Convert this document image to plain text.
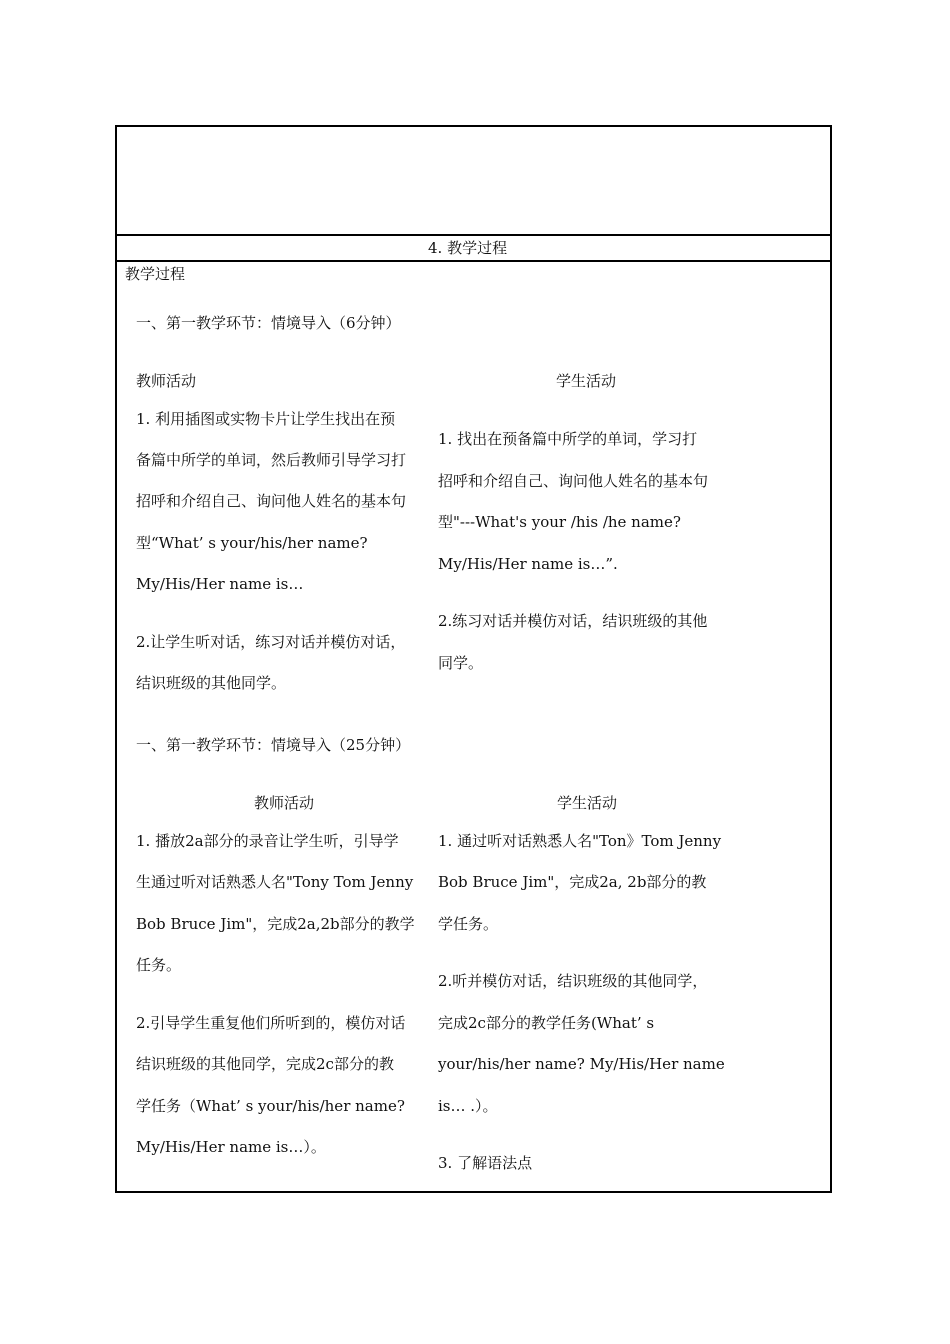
4. 教学过程
教学过程
一、第一教学环节：情境导入（6分钟）
教师活动	学生活动
1. 利用插图或实物卡片让学生找出在预
备篇中所学的单词，然后教师引导学习打
招呼和介绍自己、询问他人姓名的基本句
型“What’ s your/his/her name?
My/His/Her name is…
2.让学生听对话，练习对话并模仿对话，
结识班级的其他同学。
1. 找出在预备篇中所学的单词，学习打
招呼和介绍自己、询问他人姓名的基本句
型"---What's your /his /he name?
My/His/Her name is…”.
2.练习对话并模仿对话，结识班级的其他
同学。
一、第一教学环节：情境导入（25分钟）
教师活动	学生活动
1. 播放2a部分的录音让学生听，引导学
生通过听对话熟悉人名"Tony Tom Jenny
Bob Bruce Jim"，完成2a,2b部分的教学
任务。
2.引导学生重复他们所听到的，模仿对话
结识班级的其他同学，完成2c部分的教
学任务（What’ s your/his/her name?
My/His/Her name is…）。
1. 通过听对话熟悉人名"Ton》Tom Jenny
Bob Bruce Jim"，完成2a, 2b部分的教
学任务。
2.听并模仿对话，结识班级的其他同学，
完成2c部分的教学任务(What’ s
your/his/her name? My/His/Her name
is… .）。
3. 了解语法点
